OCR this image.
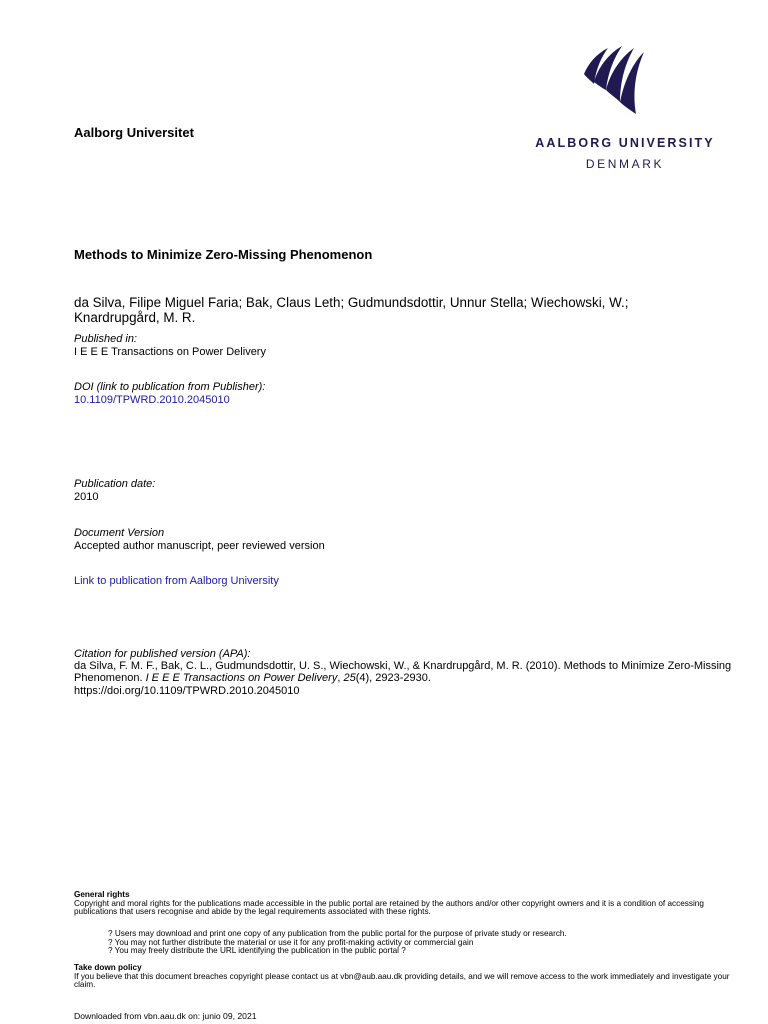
Aalborg Universitet
AALBORG UNIVERSITY
DENMARK
Methods to Minimize Zero-Missing Phenomenon
da Silva, Filipe Miguel Faria; Bak, Claus Leth; Gudmundsdottir, Unnur Stella; Wiechowski, W.; Knardrupgård, M. R.
Published in:
I E E E Transactions on Power Delivery
DOI (link to publication from Publisher):
10.1109/TPWRD.2010.2045010
Publication date:
2010
Document Version
Accepted author manuscript, peer reviewed version
Link to publication from Aalborg University
Citation for published version (APA):
da Silva, F. M. F., Bak, C. L., Gudmundsdottir, U. S., Wiechowski, W., & Knardrupgård, M. R. (2010). Methods to Minimize Zero-Missing Phenomenon. I E E E Transactions on Power Delivery, 25(4), 2923-2930.
https://doi.org/10.1109/TPWRD.2010.2045010
General rights
Copyright and moral rights for the publications made accessible in the public portal are retained by the authors and/or other copyright owners and it is a condition of accessing publications that users recognise and abide by the legal requirements associated with these rights.
? Users may download and print one copy of any publication from the public portal for the purpose of private study or research.
? You may not further distribute the material or use it for any profit-making activity or commercial gain
? You may freely distribute the URL identifying the publication in the public portal ?
Take down policy
If you believe that this document breaches copyright please contact us at vbn@aub.aau.dk providing details, and we will remove access to the work immediately and investigate your claim.
Downloaded from vbn.aau.dk on: junio 09, 2021
